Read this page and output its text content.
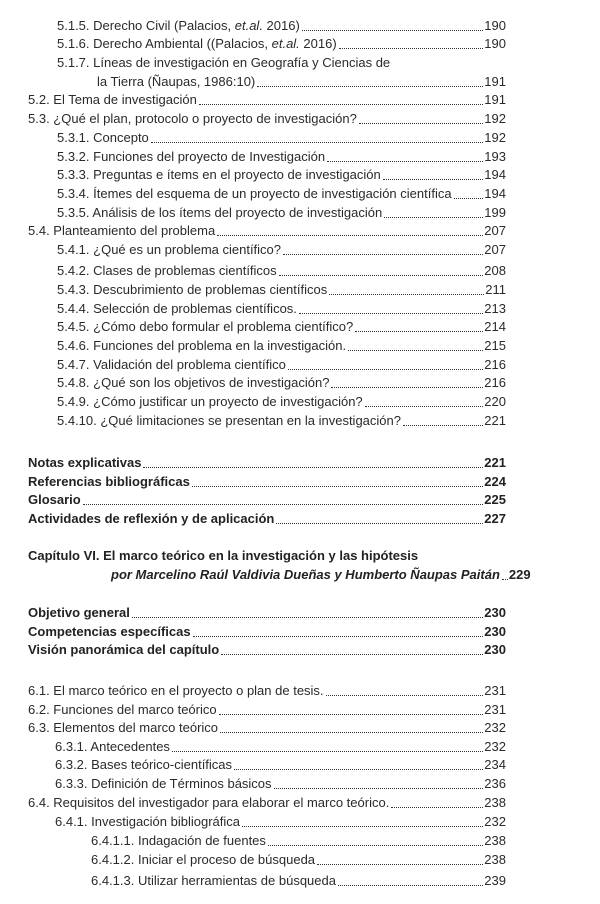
5.1.5. Derecho Civil (Palacios, et.al. 2016)	190
5.1.6. Derecho Ambiental ((Palacios, et.al. 2016)	190
5.1.7. Líneas de investigación en Geografía y Ciencias de
la Tierra (Ñaupas, 1986:10)	191
5.2. El Tema de investigación	191
5.3. ¿Qué el plan, protocolo o proyecto de investigación?	192
5.3.1. Concepto	192
5.3.2. Funciones del proyecto de Investigación	193
5.3.3. Preguntas e ítems en el proyecto de investigación	194
5.3.4. Ítemes del esquema de un proyecto de investigación científica	194
5.3.5. Análisis de los ítems del proyecto de investigación	199
5.4. Planteamiento del problema	207
5.4.1. ¿Qué es un problema científico?	207
5.4.2. Clases de problemas científicos	208
5.4.3. Descubrimiento de problemas científicos	211
5.4.4. Selección de problemas científicos.	213
5.4.5. ¿Cómo debo formular el problema científico?	214
5.4.6. Funciones del problema en la investigación.	215
5.4.7. Validación del problema científico	216
5.4.8. ¿Qué son los objetivos de investigación?	216
5.4.9. ¿Cómo justificar un proyecto de investigación?	220
5.4.10. ¿Qué limitaciones se presentan en la investigación?	221
Notas explicativas	221
Referencias bibliográficas	224
Glosario	225
Actividades de reflexión y de aplicación	227
Capítulo VI. El marco teórico en la investigación y las hipótesis
por Marcelino Raúl Valdivia Dueñas y Humberto Ñaupas Paitán 229
Objetivo general	230
Competencias específicas	230
Visión panorámica del capítulo	230
6.1. El marco teórico en el proyecto o plan de tesis.	231
6.2. Funciones del marco teórico	231
6.3. Elementos del marco teórico	232
6.3.1. Antecedentes	232
6.3.2. Bases teórico-científicas	234
6.3.3. Definición de Términos básicos	236
6.4. Requisitos del investigador para elaborar el marco teórico.	238
6.4.1. Investigación bibliográfica	232
6.4.1.1. Indagación de fuentes	238
6.4.1.2. Iniciar el proceso de búsqueda	238
6.4.1.3. Utilizar herramientas de búsqueda	239
